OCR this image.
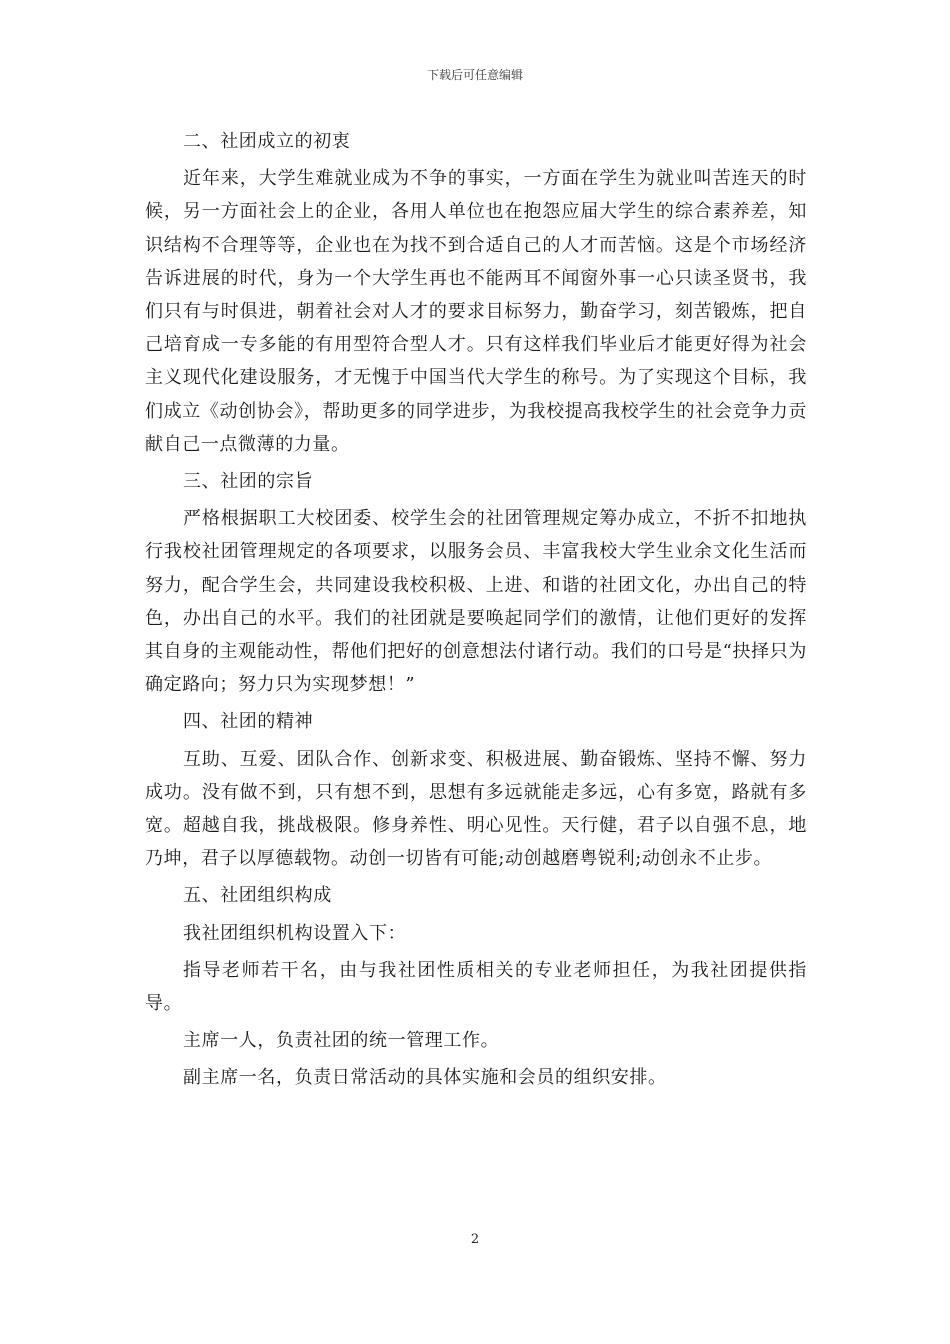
下载后可任意编辑

二、社团成立的初衷

近年来，大学生难就业成为不争的事实，一方面在学生为就业叫苦连天的时候，另一方面社会上的企业，各用人单位也在抱怨应届大学生的综合素养差，知识结构不合理等等，企业也在为找不到合适自己的人才而苦恼。这是个市场经济告诉进展的时代，身为一个大学生再也不能两耳不闻窗外事一心只读圣贤书，我们只有与时俱进，朝着社会对人才的要求目标努力，勤奋学习，刻苦锻炼，把自己培育成一专多能的有用型符合型人才。只有这样我们毕业后才能更好得为社会主义现代化建设服务，才无愧于中国当代大学生的称号。为了实现这个目标，我们成立《动创协会》，帮助更多的同学进步，为我校提高我校学生的社会竞争力贡献自己一点微薄的力量。

三、社团的宗旨

严格根据职工大校团委、校学生会的社团管理规定筹办成立，不折不扣地执行我校社团管理规定的各项要求，以服务会员、丰富我校大学生业余文化生活而努力，配合学生会，共同建设我校积极、上进、和谐的社团文化，办出自己的特色，办出自己的水平。我们的社团就是要唤起同学们的激情，让他们更好的发挥其自身的主观能动性，帮他们把好的创意想法付诸行动。我们的口号是“抉择只为确定路向；努力只为实现梦想！”

四、社团的精神

互助、互爱、团队合作、创新求变、积极进展、勤奋锻炼、坚持不懈、努力成功。没有做不到，只有想不到，思想有多远就能走多远，心有多宽，路就有多宽。超越自我，挑战极限。修身养性、明心见性。天行健，君子以自强不息，地乃坤，君子以厚德载物。动创一切皆有可能;动创越磨粤锐利;动创永不止步。

五、社团组织构成

我社团组织机构设置入下：

指导老师若干名，由与我社团性质相关的专业老师担任，为我社团提供指导。

主席一人，负责社团的统一管理工作。

副主席一名，负责日常活动的具体实施和会员的组织安排。

2
